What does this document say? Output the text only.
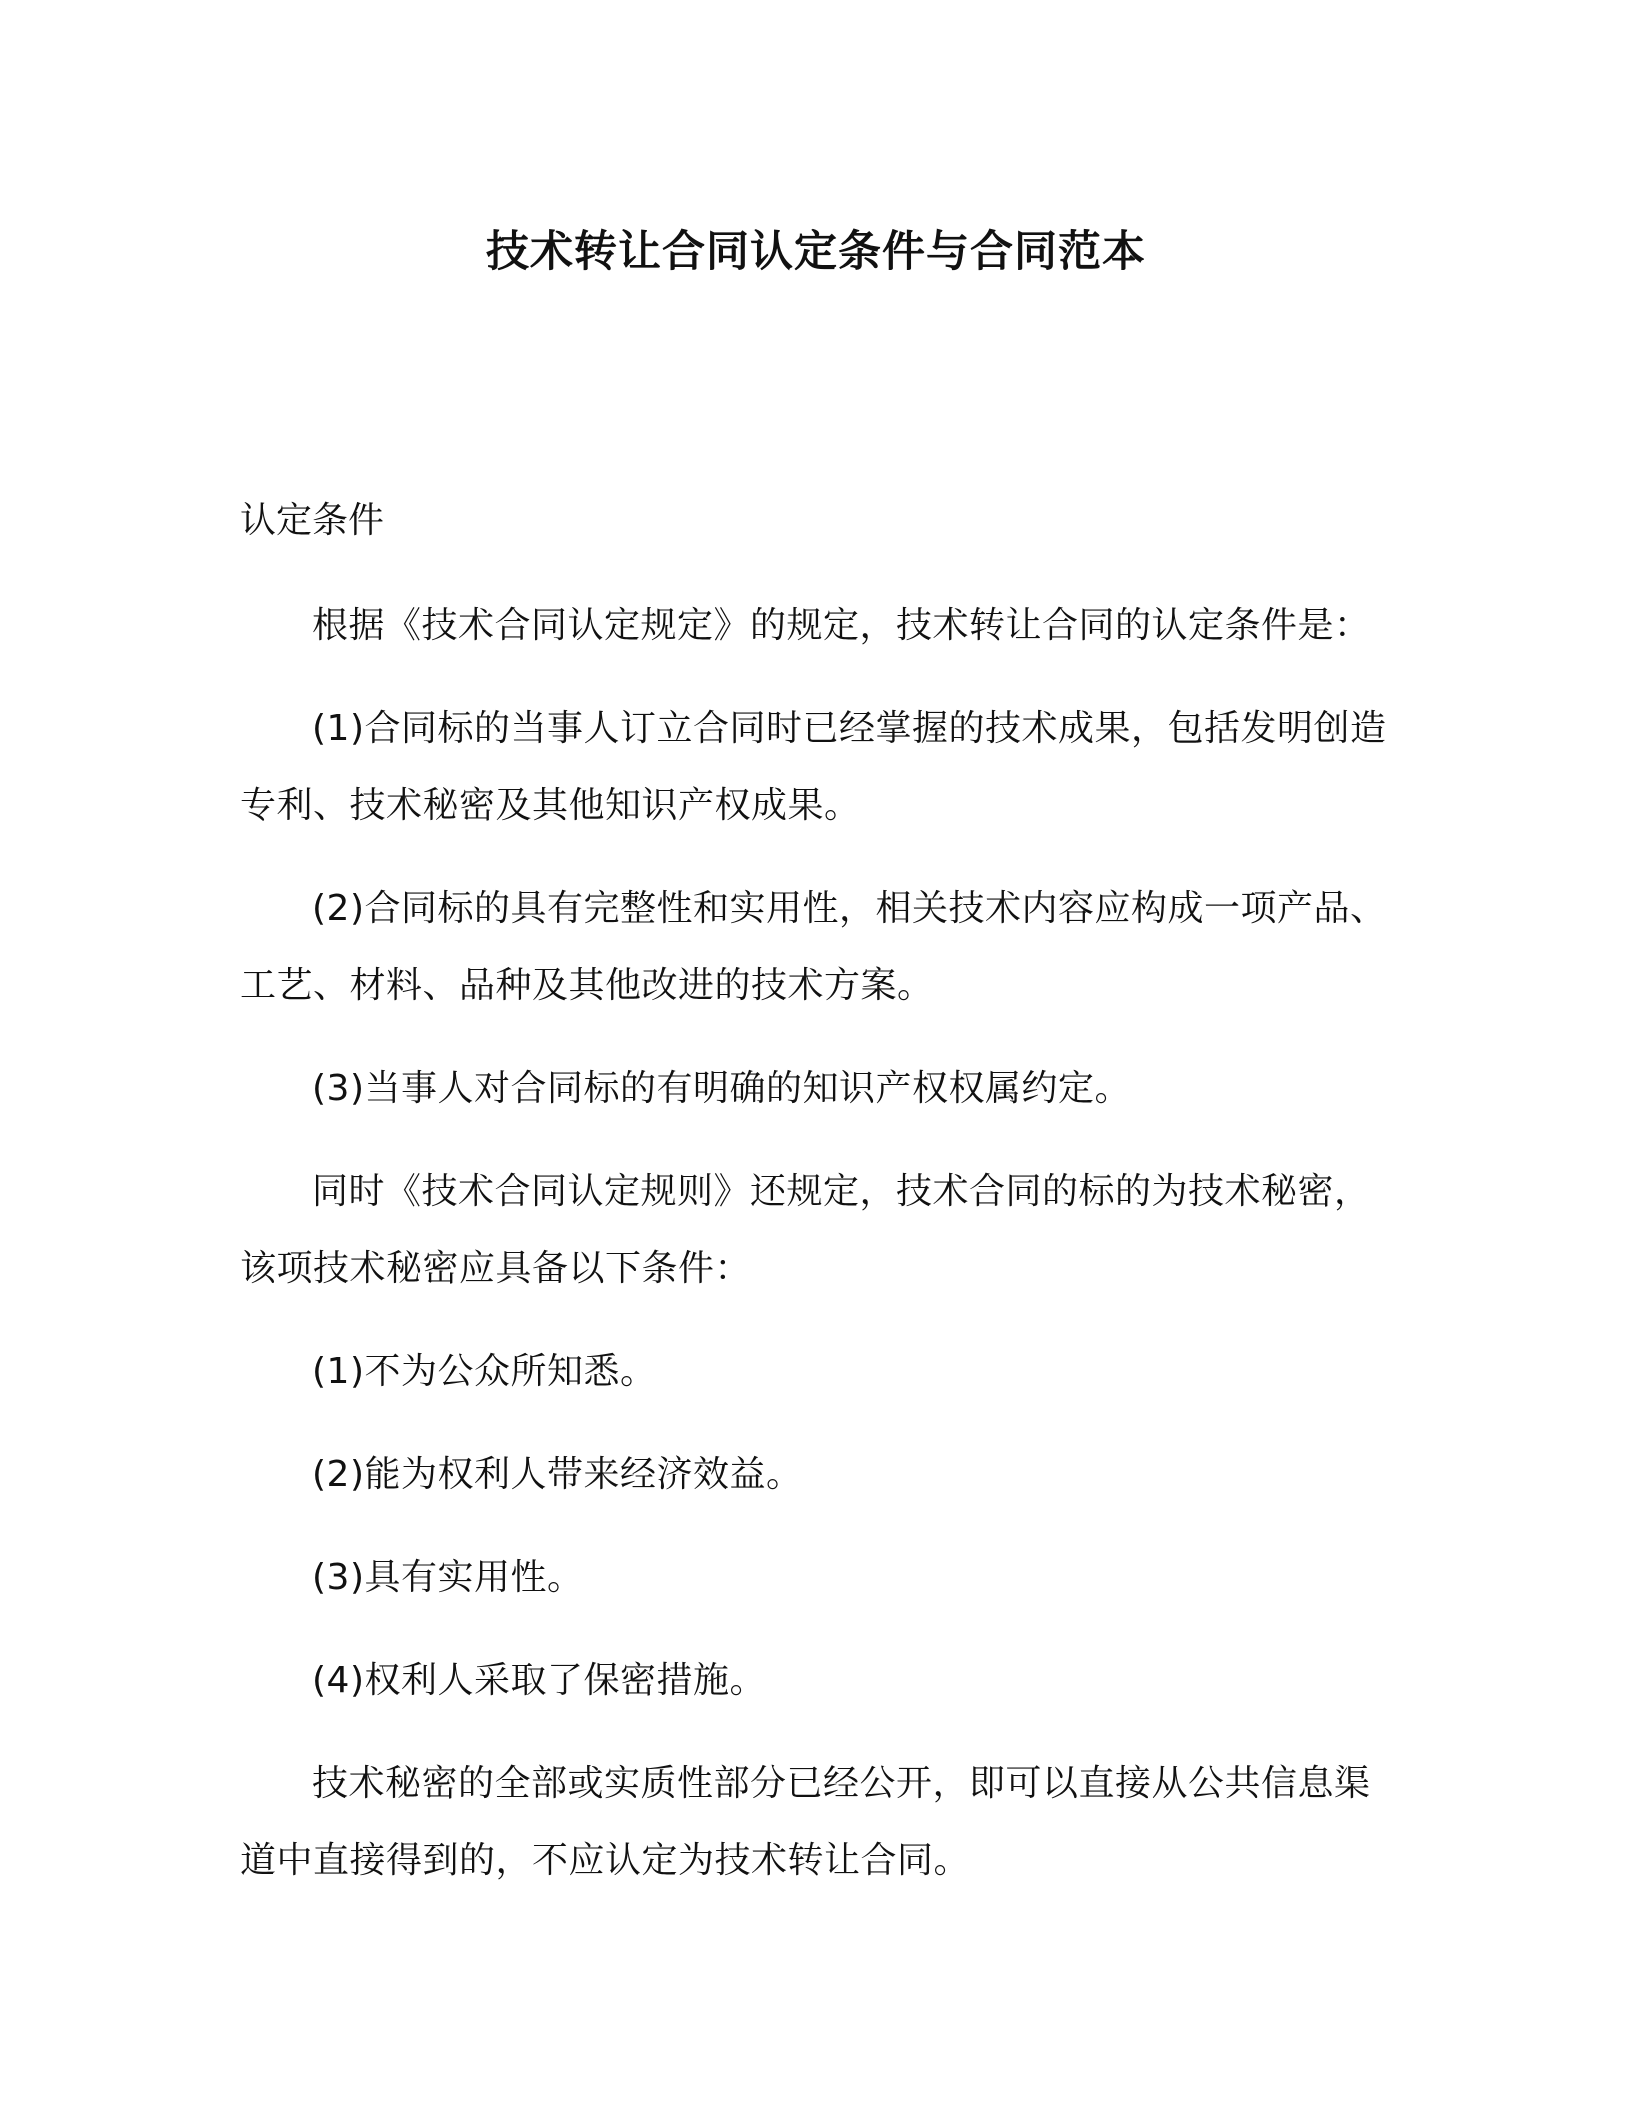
技术转让合同认定条件与合同范本
认定条件

根据《技术合同认定规定》的规定，技术转让合同的认定条件是：

(1)合同标的当事人订立合同时已经掌握的技术成果，包括发明创造专利、技术秘密及其他知识产权成果。

(2)合同标的具有完整性和实用性，相关技术内容应构成一项产品、工艺、材料、品种及其他改进的技术方案。

(3)当事人对合同标的有明确的知识产权权属约定。

同时《技术合同认定规则》还规定，技术合同的标的为技术秘密，该项技术秘密应具备以下条件：

(1)不为公众所知悉。

(2)能为权利人带来经济效益。

(3)具有实用性。

(4)权利人采取了保密措施。

技术秘密的全部或实质性部分已经公开，即可以直接从公共信息渠道中直接得到的，不应认定为技术转让合同。
